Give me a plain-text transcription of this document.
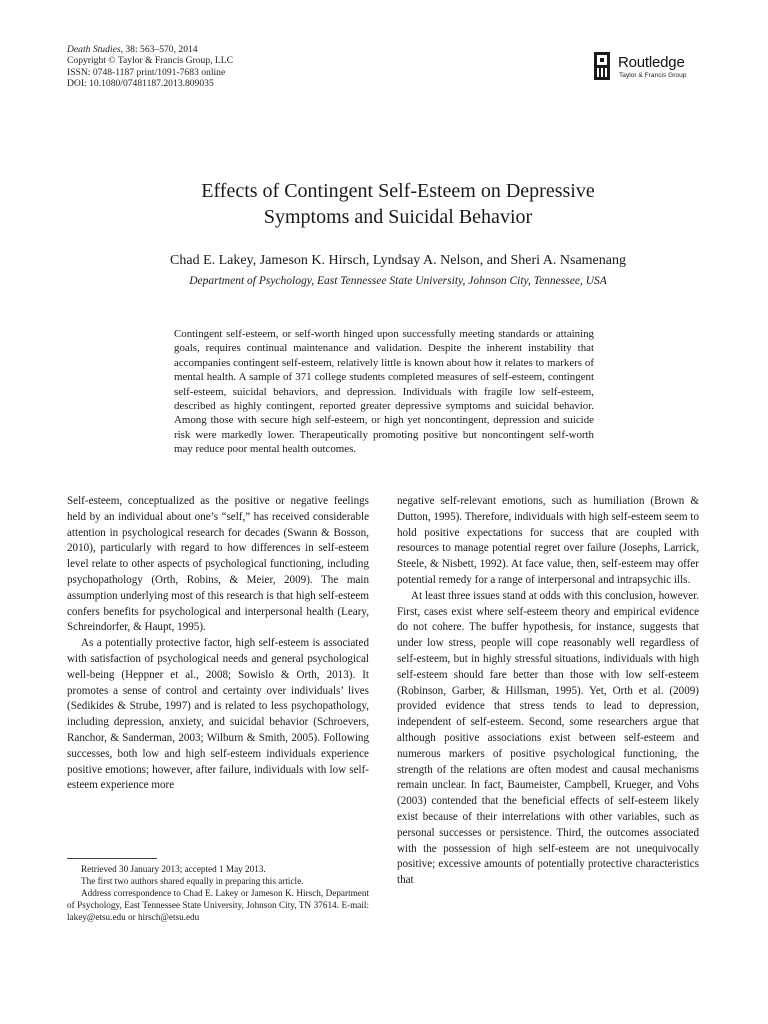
Death Studies, 38: 563–570, 2014
Copyright © Taylor & Francis Group, LLC
ISSN: 0748-1187 print/1091-7683 online
DOI: 10.1080/07481187.2013.809035
Routledge
Taylor & Francis Group
Effects of Contingent Self-Esteem on Depressive
Symptoms and Suicidal Behavior
Chad E. Lakey, Jameson K. Hirsch, Lyndsay A. Nelson, and Sheri A. Nsamenang
Department of Psychology, East Tennessee State University, Johnson City, Tennessee, USA
Contingent self-esteem, or self-worth hinged upon successfully meeting standards or attaining goals, requires continual maintenance and validation. Despite the inherent instability that accompanies contingent self-esteem, relatively little is known about how it relates to markers of mental health. A sample of 371 college students completed measures of self-esteem, contingent self-esteem, suicidal behaviors, and depression. Individuals with fragile low self-esteem, described as highly contingent, reported greater depressive symptoms and suicidal behavior. Among those with secure high self-esteem, or high yet noncontingent, depression and suicide risk were markedly lower. Therapeutically promoting positive but noncontingent self-worth may reduce poor mental health outcomes.

Self-esteem, conceptualized as the positive or negative feelings held by an individual about one’s “self,” has received considerable attention in psychological research for decades (Swann & Bosson, 2010), particularly with regard to how differences in self-esteem level relate to other aspects of psychological functioning, including psychopathology (Orth, Robins, & Meier, 2009). The main assumption underlying most of this research is that high self-esteem confers benefits for psychological and interpersonal health (Leary, Schreindorfer, & Haupt, 1995).

As a potentially protective factor, high self-esteem is associated with satisfaction of psychological needs and general psychological well-being (Heppner et al., 2008; Sowislo & Orth, 2013). It promotes a sense of control and certainty over individuals’ lives (Sedikides & Strube, 1997) and is related to less psychopathology, including depression, anxiety, and suicidal behavior (Schroevers, Ranchor, & Sanderman, 2003; Wilburn & Smith, 2005). Following successes, both low and high self-esteem individuals experience positive emotions; however, after failure, individuals with low self-esteem experience more

negative self-relevant emotions, such as humiliation (Brown & Dutton, 1995). Therefore, individuals with high self-esteem seem to hold positive expectations for success that are coupled with resources to manage potential regret over failure (Josephs, Larrick, Steele, & Nisbett, 1992). At face value, then, self-esteem may offer potential remedy for a range of interpersonal and intrapsychic ills.

At least three issues stand at odds with this conclusion, however. First, cases exist where self-esteem theory and empirical evidence do not cohere. The buffer hypothesis, for instance, suggests that under low stress, people will cope reasonably well regardless of self-esteem, but in highly stressful situations, individuals with high self-esteem should fare better than those with low self-esteem (Robinson, Garber, & Hillsman, 1995). Yet, Orth et al. (2009) provided evidence that stress tends to lead to depression, independent of self-esteem. Second, some researchers argue that although positive associations exist between self-esteem and numerous markers of positive psychological functioning, the strength of the relations are often modest and causal mechanisms remain unclear. In fact, Baumeister, Campbell, Krueger, and Vohs (2003) contended that the beneficial effects of self-esteem likely exist because of their interrelations with other variables, such as personal successes or persistence. Third, the outcomes associated with the possession of high self-esteem are not unequivocally positive; excessive amounts of potentially protective characteristics that

Retrieved 30 January 2013; accepted 1 May 2013.

The first two authors shared equally in preparing this article.

Address correspondence to Chad E. Lakey or Jameson K. Hirsch, Department of Psychology, East Tennessee State University, Johnson City, TN 37614. E-mail: lakey@etsu.edu or hirsch@etsu.edu
